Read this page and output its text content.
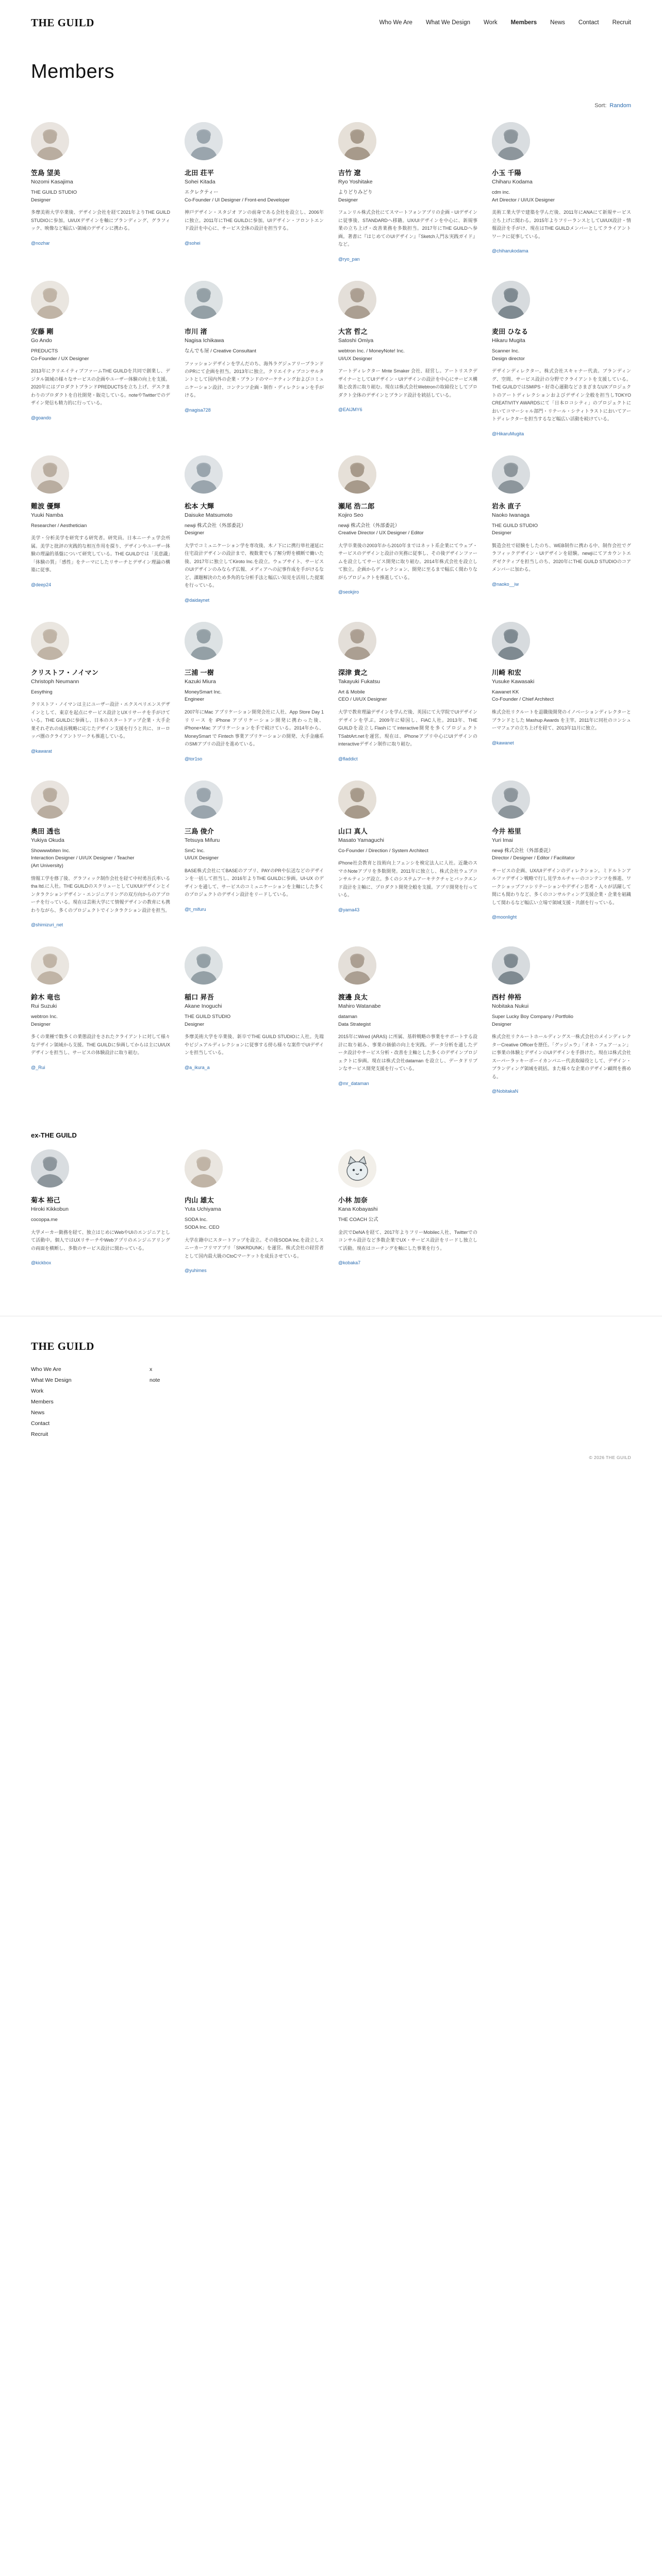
THE GUILD	Who We Are What We Design Work Members News Contact Recruit
Members
Sort: Random
笠島 望美
Nozomi Kasajima
THE GUILD STUDIO
Designer
多摩美術大学卒業後、デザイン会社を経て2021年よりTHE GUILD STUDIOに参加。UI/UXデザインを軸にブランディング、グラフィック、映像など幅広い領域のデザインに携わる。
@nozhar
北田 荘平
Sohei Kitada
エクレクティー
Co-Founder / UI Designer / Front-end Developer
神戸デザイン・スタジオ アンの前身である会社を設立し、2006年に独立。2011年にTHE GUILDに参加。UIデザイン・フロントエンド設計を中心に、サービス全体の設計を担当する。
@sohei
吉竹 遼
Ryo Yoshitake
よりどりみどり
Designer
フェンリル株式会社にてスマートフォンアプリの企画・UIデザインに従事後、STANDARDへ移籍。UX/UIデザインを中心に、新規事業の立ち上げ・改善業務を多数担当。2017年にTHE GUILDへ参画。著書に『はじめてのUIデザイン』『Sketch入門＆実践ガイド』など。
@ryo_pan
小玉 千陽
Chiharu Kodama
cdm inc.
Art Director / UI/UX Designer
美術工業大学で建築を学んだ後、2011年にANAにて新規サービス立ち上げに関わる。2015年よりフリーランスとしてUI/UX設計・情報設計を手がけ、現在はTHE GUILDメンバーとしてクライアントワークに従事している。
@chiharukodama
安藤 剛
Go Ando
PREDUCTS
Co-Founder / UX Designer
2013年にクリエイティブファームTHE GUILDを共同で創業し、デジタル領域の様々なサービスの企画やユーザー体験の向上を支援。2020年にはプロダクトブランドPREDUCTSを立ち上げ、デスクまわりのプロダクトを自社開発・販売している。noteやTwitterでのデザイン発信も精力的に行っている。
@goando
市川 渚
Nagisa Ichikawa
なんでも屋 / Creative Consultant
ファッションデザインを学んだのち、海外ラグジュアリーブランドのPRにて企画を担当。2013年に独立。クリエイティブコンサルタントとして国内外の企業・ブランドのマーケティングおよびコミュニケーション設計、コンテンツ企画・制作・ディレクションを手がける。
@nagisa728
大宮 哲之
Satoshi Omiya
webtron Inc. / MoneyNote! Inc.
UI/UX Designer
アートディレクター Mnte Smaker 会社、経営し。アートリスクデザイナーとしてUIデザイン・UIデザインの設計を中心にサービス構築と改善に取り組む。現在は株式会社Webtronの取締役としてプロダクト全体のデザインとブランド設計を統括している。
@EAIJMY6
麦田 ひなる
Hikaru Mugita
Scanner Inc.
Design director
デザインディレクター。株式会社スキャナー代表。ブランディング、空間、サービス設計の分野でクライアントを支援している。THE GUILDではSMIPS・好奇心運動などさまざまなUXプロジェクトのアートディレクションおよびデザイン全般を担当しTOKYO CREATIVITY AWARDSにて「日本ロコシティ」のプロジェクトにおいてコマーシャル部門・リテール・シティトラストにおいてアートディレクターを担当するなど幅広い活動を続けている。
@HikaruMugita
難波 優輝
Yuuki Namba
Researcher / Aesthetician
美学・分析美学を研究する研究者。研究員。日本ニーチェ学会所属。美学と批評の実践的な相互作用を探り、デザインやユーザー体験の理論的基盤について研究している。THE GUILDでは「美意識」「体験の質」「感性」をテーマにしたリサーチとデザイン理論の構築に従事。
@deep24
松本 大輝
Daisuke Matsumoto
newji 株式会社（外部委託）
Designer
大学でコミュニケーション学を専攻後、木ノ下にに携行単社運延に住宅設計デザインの設計まで、複数業でも了解分野を横断で働いた後、2017年に独立してKiroto Inc.を設立。ウェブサイト、サービスのUIデザインのみならず広報、メディアへの記事作成を手がけるなど、課題解決のため多角的な分析手法と幅広い知見を活用した提案を行っている。
@daidaynet
瀬尾 浩二郎
Kojiro Seo
newji 株式会社（外部委託）
Creative Director / UX Designer / Editor
大学卒業後の2003年から2010年まではネット系企業にてウェブ・サービスのデザインと設計の実務に従事し、その後デザインファームを設立してサービス開発に取り組む。2014年株式会社を設立して独立。企画からディレクション、開発に至るまで幅広く関わりながらプロジェクトを推進している。
@seokjiro
岩永 直子
Naoko Iwanaga
THE GUILD STUDIO
Designer
製造会社で経験をしたのち、WEB制作に携わる中、制作会社でグラフィックデザイン・UIデザインを経験。newjiにてアカウントエグゼクティブを担当しのち、2020年にTHE GUILD STUDIOのコアメンバーに加わる。
@naoko__iw
クリストフ・ノイマン
Christoph Neumann
Eesything
クリストフ・ノイマンは主にユーザー設計・エクスペリエンスデザインとして、東京を起点にサービス設計とUXリサーチを手がけている。THE GUILDに参画し、日本のスタートアップ企業・大手企業それぞれの成長戦略に応じたデザイン支援を行うと共に、ヨーロッパ圏のクライアントワークも推進している。
@kawarat
三浦 一樹
Kazuki Miura
MoneySmart Inc.
Engineer
2007年にMac アプリケーション開発会社に入社、App Store Day 1 リリース を iPhone アプリケーション開発に携わった後、iPhone×Mac アプリケーションを手で続けている。2014年から、MoneySmart で Fintech 事業アプリケーションの開発、大手金融系のSMIアプリの設計を進めている。
@tor1so
深津 貴之
Takayuki Fukatsu
Art & Mobile
CEO / UI/UX Designer
大学で教育理論デザインを学んだ後、英国にて大学院でUIデザインデザインを学ぶ。2009年に帰国し、FlAC入社。2013年、THE GUILDを設立しFlashにてinteractive開発を多くプロジェクトTSabtArt.netを運営。現在は、iPhoneアプリ中心にUIデザインのinteractiveデザイン制作に取り組む。
@fladdict
川崎 和宏
Yusuke Kawasaki
Kawanet KK
Co-Founder / Chief Architect
株式会社リクルートを退職後開発のイノベーションディレクターとブランドとした Mashup Awards を主宰。2011年に同社のコンシューマフェアの立ち上げを経て、2013年11月に独立。
@kawanet
奥田 透也
Yukiya Okuda
Showwwbiten Inc.
Interaction Designer / UI/UX Designer / Teacher
(Art University)
情報工学を修了後、グラフィック制作会社を経て中村勇吾氏率いるtha ltd.に入社。THE GUILDのスクリューとしてUX/UIデザインとインタラクションデザイン・エンジニアリングの双方向からのアプローチを行っている。現在は芸術大学にて情報デザインの教育にも携わりながら、多くのプロジェクトでインタラクション設計を担当。
@shimizuri_net
三島 俊介
Tetsuya Mifuru
SmC Inc.
UI/UX Designer
BASE株式会社にてBASEのアプリ、PAYのPRや伝送などのデザインを一括して担当し、2016年よりTHE GUILDに参画。UI-UX のデザインを通して、サービスのコミュニケーションを主軸にした多くのプロジェクトのデザイン設計をリードしている。
@t_mifuru
山口 真人
Masato Yamaguchi
Co-Founder / Direction / System Architect
iPhone社会教育と技術向上フェンシを検定法人に入社。近畿のスマホNoteアプリを多数開発。2011年に独立し、株式会社ウェブコンサルティング設立。多くのシステムアーキテクチャとバックエンド設計を主軸に、プロダクト開発全般を支援。アプリ開発を行っている。
@yama43
今井 裕里
Yuri Imai
newji 株式会社（外部委託）
Director / Designer / Editor / Facilitator
サービスの企画、UX/UIデザインのディレクション。ミドルトンアルファデザイン戦略で行し見学カルチャーのコンテンツを推進、ワークショップファシリテーションやデザイン思考・人々が活躍して間にも関わりなど、多くのコンサルティング支援企業・企業を組織して関わるなど幅広い立場で領域支援・共創を行っている。
@moonlight
鈴木 竜也
Rui Suzuki
webtron Inc.
Designer
多くの業種で数多くの業態設計をされたクライアントに対して様々なデザイン領域から支援。THE GUILDに参画してからは主にUI/UXデザインを担当し、サービスの体験設計に取り組む。
@_Rui
稲口 昇吾
Akane Inoguchi
THE GUILD STUDIO
Designer
多摩美術大学を卒業後、新卒でTHE GUILD STUDIOに入社。先端やビジュアルディレクションに従事する傍ら様々な案件でUIデザインを担当している。
@a_ikura_a
渡邊 良太
Mahiro Watanabe
dataman
Data Strategist
2015年にWired (ARAS) に所属、基幹戦略の事業をサポートする設計に取り組み、事業の価値の向上を実践。データ分析を通したデータ設計やサービス分析・改善を主軸とした多くのデザインプロジェクトに参画。現在は株式会社dataman を設立し、データドリブンなサービス開発支援を行っている。
@mr_dataman
西村 伸裕
Nobitaka Nukui
Super Lucky Boy Company / Portfolio
Designer
株式会社リクルートホールディングス一株式会社のメインディレクターCreative Officerを歴任。「グッジュウ」「オネ・フェア一ェン」に事業の体験とデザインのUIデザインを手掛けた。現在は株式会社スーパーラッキーボーイカンパニー代表取締役として、デザイン・ブランディング領域を統括。また様々な企業のデザイン顧問を務める。
@NobitakaN
ex-THE GUILD
菊本 裕己
Hiroki Kikkobun
cocoppa.me
大学メーカー勤務を経て、独立はじめにWebやUIのエンジニアとして活動中。個人ではUXリサーチやWebアプリのエンジニアリングの両面を横断し、多数のサービス設計に関わっている。
@kickbox
内山 雄太
Yuta Uchiyama
SODA Inc.
SODA Inc. CEO
大学在籍中にスタートアップを設立。その後SODA Inc.を設立しスニーカーフリマアプリ「SNKRDUNK」を運営。株式会社の経営者として国内最大級のCtoCマーケットを成長させている。
@yuhimes
小林 加奈
Kana Kobayashi
THE COACH 公式
金沢でDeNAを経て、2017年よりフリーMobilec入社、Twitterでのコンサル設計など多数企業でUX・サービス設計をリードし独立して活動。現在はコーチングを軸にした事業を行う。
@kobaka7
THE GUILD
Who We Are	x
What We Design	note
Work
Members
News
Contact
Recruit
© 2026 THE GUILD
